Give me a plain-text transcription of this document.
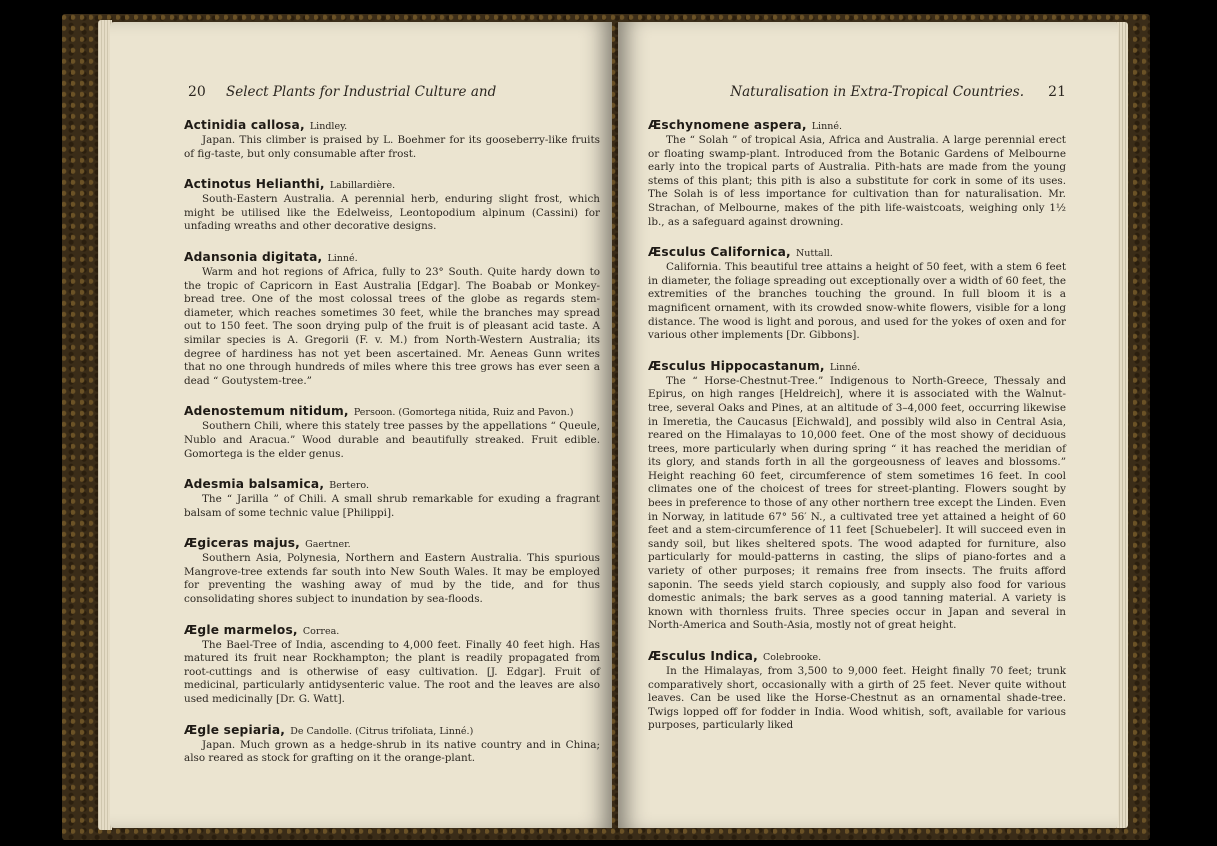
20 Select Plants for Industrial Culture and
Actinidia callosa, Lindley.

Japan. This climber is praised by L. Boehmer for its gooseberry-like fruits of fig-taste, but only consumable after frost.

Actinotus Helianthi, Labillardière.

South-Eastern Australia. A perennial herb, enduring slight frost, which might be utilised like the Edelweiss, Leontopodium alpinum (Cassini) for unfading wreaths and other decorative designs.

Adansonia digitata, Linné.

Warm and hot regions of Africa, fully to 23° South. Quite hardy down to the tropic of Capricorn in East Australia [Edgar]. The Boabab or Monkey-bread tree. One of the most colossal trees of the globe as regards stem-diameter, which reaches sometimes 30 feet, while the branches may spread out to 150 feet. The soon drying pulp of the fruit is of pleasant acid taste. A similar species is A. Gregorii (F. v. M.) from North-Western Australia; its degree of hardiness has not yet been ascertained. Mr. Aeneas Gunn writes that no one through hundreds of miles where this tree grows has ever seen a dead “ Goutystem-tree.”

Adenostemum nitidum, Persoon. (Gomortega nitida, Ruiz and Pavon.)

Southern Chili, where this stately tree passes by the appellations “ Queule, Nublo and Aracua.” Wood durable and beautifully streaked. Fruit edible. Gomortega is the elder genus.

Adesmia balsamica, Bertero.

The “ Jarilla ” of Chili. A small shrub remarkable for exuding a fragrant balsam of some technic value [Philippi].

Ægiceras majus, Gaertner.

Southern Asia, Polynesia, Northern and Eastern Australia. This spurious Mangrove-tree extends far south into New South Wales. It may be employed for preventing the washing away of mud by the tide, and for thus consolidating shores subject to inundation by sea-floods.

Ægle marmelos, Correa.

The Bael-Tree of India, ascending to 4,000 feet. Finally 40 feet high. Has matured its fruit near Rockhampton; the plant is readily propagated from root-cuttings and is otherwise of easy cultivation. [J. Edgar]. Fruit of medicinal, particularly antidysenteric value. The root and the leaves are also used medicinally [Dr. G. Watt].

Ægle sepiaria, De Candolle. (Citrus trifoliata, Linné.)

Japan. Much grown as a hedge-shrub in its native country and in China; also reared as stock for grafting on it the orange-plant.

Naturalisation in Extra-Tropical Countries. 21
Æschynomene aspera, Linné.

The “ Solah ” of tropical Asia, Africa and Australia. A large perennial erect or floating swamp-plant. Introduced from the Botanic Gardens of Melbourne early into the tropical parts of Australia. Pith-hats are made from the young stems of this plant; this pith is also a substitute for cork in some of its uses. The Solah is of less importance for cultivation than for naturalisation. Mr. Strachan, of Melbourne, makes of the pith life-waistcoats, weighing only 1½ lb., as a safeguard against drowning.

Æsculus Californica, Nuttall.

California. This beautiful tree attains a height of 50 feet, with a stem 6 feet in diameter, the foliage spreading out exceptionally over a width of 60 feet, the extremities of the branches touching the ground. In full bloom it is a magnificent ornament, with its crowded snow-white flowers, visible for a long distance. The wood is light and porous, and used for the yokes of oxen and for various other implements [Dr. Gibbons].

Æsculus Hippocastanum, Linné.

The “ Horse-Chestnut-Tree.” Indigenous to North-Greece, Thessaly and Epirus, on high ranges [Heldreich], where it is associated with the Walnut-tree, several Oaks and Pines, at an altitude of 3–4,000 feet, occurring likewise in Imeretia, the Caucasus [Eichwald], and possibly wild also in Central Asia, reared on the Himalayas to 10,000 feet. One of the most showy of deciduous trees, more particularly when during spring “ it has reached the meridian of its glory, and stands forth in all the gorgeousness of leaves and blossoms.” Height reaching 60 feet, circumference of stem sometimes 16 feet. In cool climates one of the choicest of trees for street-planting. Flowers sought by bees in preference to those of any other northern tree except the Linden. Even in Norway, in latitude 67° 56′ N., a cultivated tree yet attained a height of 60 feet and a stem-circumference of 11 feet [Schuebeler]. It will succeed even in sandy soil, but likes sheltered spots. The wood adapted for furniture, also particularly for mould-patterns in casting, the slips of piano-fortes and a variety of other purposes; it remains free from insects. The fruits afford saponin. The seeds yield starch copiously, and supply also food for various domestic animals; the bark serves as a good tanning material. A variety is known with thornless fruits. Three species occur in Japan and several in North-America and South-Asia, mostly not of great height.

Æsculus Indica, Colebrooke.

In the Himalayas, from 3,500 to 9,000 feet. Height finally 70 feet; trunk comparatively short, occasionally with a girth of 25 feet. Never quite without leaves. Can be used like the Horse-Chestnut as an ornamental shade-tree. Twigs lopped off for fodder in India. Wood whitish, soft, available for various purposes, particularly liked
